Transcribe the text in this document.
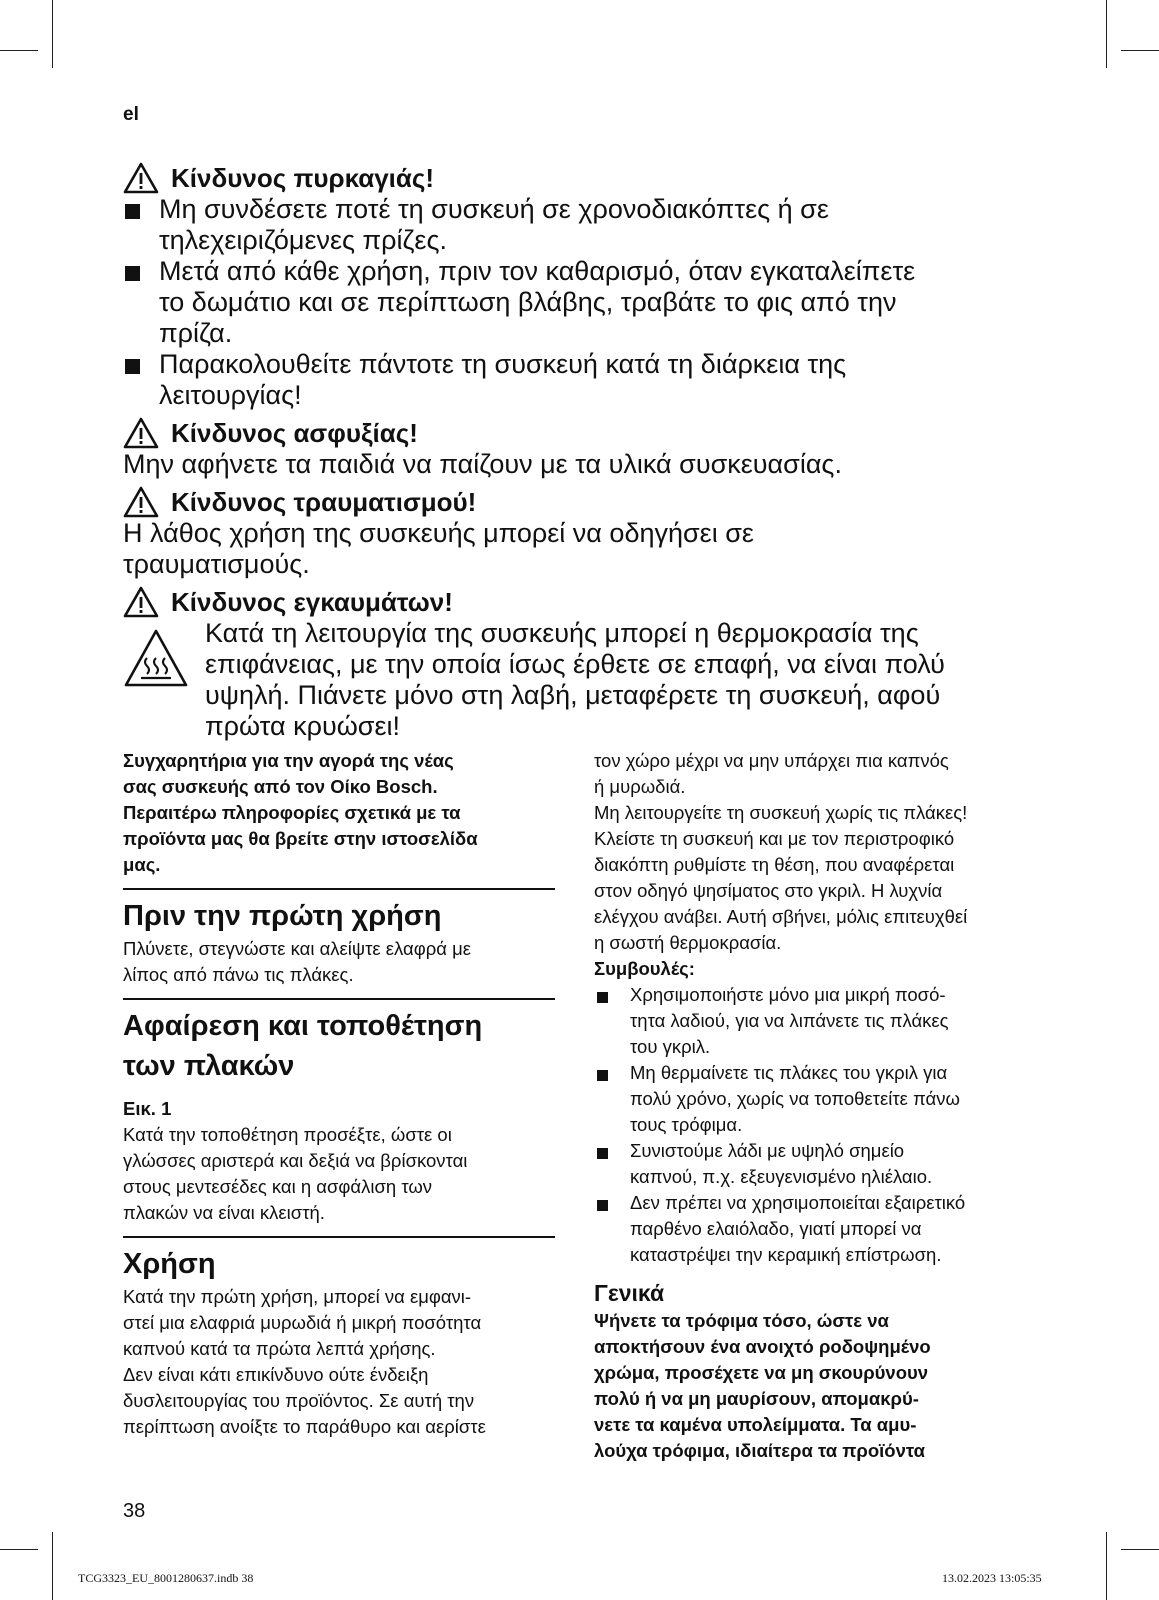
el
Κίνδυνος πυρκαγιάς!
Μη συνδέσετε ποτέ τη συσκευή σε χρονοδιακόπτες ή σε
τηλεχειριζόμενες πρίζες.
Μετά από κάθε χρήση, πριν τον καθαρισμό, όταν εγκαταλείπετε
το δωμάτιο και σε περίπτωση βλάβης, τραβάτε το φις από την
πρίζα.
Παρακολουθείτε πάντοτε τη συσκευή κατά τη διάρκεια της
λειτουργίας!
Κίνδυνος ασφυξίας!
Μην αφήνετε τα παιδιά να παίζουν με τα υλικά συσκευασίας.
Κίνδυνος τραυματισμού!
Η λάθος χρήση της συσκευής μπορεί να οδηγήσει σε
τραυματισμούς.
Κίνδυνος εγκαυμάτων!
Κατά τη λειτουργία της συσκευής μπορεί η θερμοκρασία της
επιφάνειας, με την οποία ίσως έρθετε σε επαφή, να είναι πολύ
υψηλή. Πιάνετε μόνο στη λαβή, μεταφέρετε τη συσκευή, αφού
πρώτα κρυώσει!
Συγχαρητήρια για την αγορά της νέας
σας συσκευής από τον Οίκο Bosch.
Περαιτέρω πληροφορίες σχετικά με τα
προϊόντα μας θα βρείτε στην ιστοσελίδα
μας.
Πριν την πρώτη χρήση
Πλύνετε, στεγνώστε και αλείψτε ελαφρά με
λίπος από πάνω τις πλάκες.
Αφαίρεση και τοποθέτηση
των πλακών
Εικ. 1
Κατά την τοποθέτηση προσέξτε, ώστε οι
γλώσσες αριστερά και δεξιά να βρίσκονται
στους μεντεσέδες και η ασφάλιση των
πλακών να είναι κλειστή.
Χρήση
Κατά την πρώτη χρήση, μπορεί να εμφανι-
στεί μια ελαφριά μυρωδιά ή μικρή ποσότητα
καπνού κατά τα πρώτα λεπτά χρήσης.
Δεν είναι κάτι επικίνδυνο ούτε ένδειξη
δυσλειτουργίας του προϊόντος. Σε αυτή την
περίπτωση ανοίξτε το παράθυρο και αερίστε
τον χώρο μέχρι να μην υπάρχει πια καπνός
ή μυρωδιά.
Μη λειτουργείτε τη συσκευή χωρίς τις πλάκες!
Κλείστε τη συσκευή και με τον περιστροφικό
διακόπτη ρυθμίστε τη θέση, που αναφέρεται
στον οδηγό ψησίματος στο γκριλ. Η λυχνία
ελέγχου ανάβει. Αυτή σβήνει, μόλις επιτευχθεί
η σωστή θερμοκρασία.
Συμβουλές:
Χρησιμοποιήστε μόνο μια μικρή ποσό-
τητα λαδιού, για να λιπάνετε τις πλάκες
του γκριλ.
Μη θερμαίνετε τις πλάκες του γκριλ για
πολύ χρόνο, χωρίς να τοποθετείτε πάνω
τους τρόφιμα.
Συνιστούμε λάδι με υψηλό σημείο
καπνού, π.χ. εξευγενισμένο ηλιέλαιο.
Δεν πρέπει να χρησιμοποιείται εξαιρετικό
παρθένο ελαιόλαδο, γιατί μπορεί να
καταστρέψει την κεραμική επίστρωση.
Γενικά
Ψήνετε τα τρόφιμα τόσο, ώστε να
αποκτήσουν ένα ανοιχτό ροδοψημένο
χρώμα, προσέχετε να μη σκουρύνουν
πολύ ή να μη μαυρίσουν, απομακρύ-
νετε τα καμένα υπολείμματα. Τα αμυ-
λούχα τρόφιμα, ιδιαίτερα τα προϊόντα
38
TCG3323_EU_8001280637.indb 38	13.02.2023 13:05:35
